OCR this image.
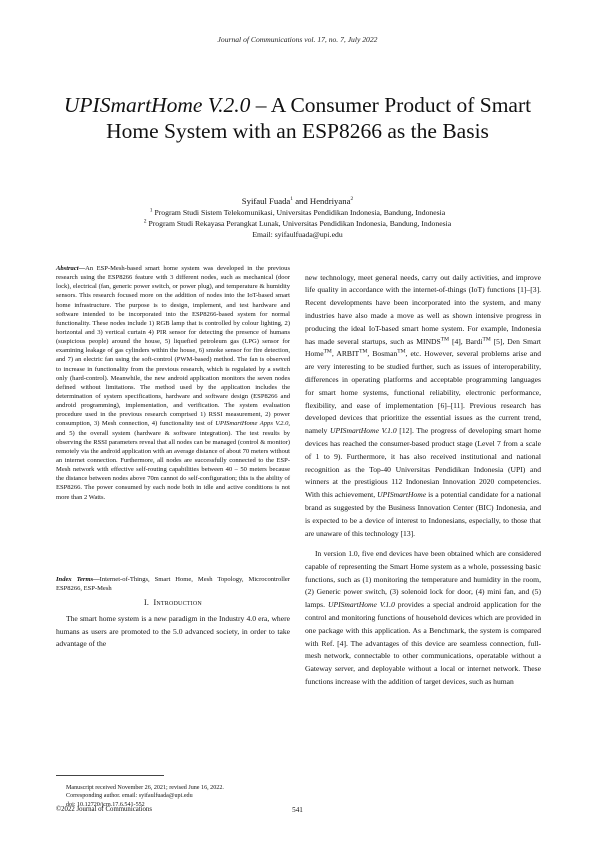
Journal of Communications vol. 17, no. 7, July 2022
UPISmartHome V.2.0 – A Consumer Product of Smart Home System with an ESP8266 as the Basis
Syifaul Fuada$^1$ and Hendriyana$^2$
$^1$ Program Studi Sistem Telekomunikasi, Universitas Pendidikan Indonesia, Bandung, Indonesia
$^2$ Program Studi Rekayasa Perangkat Lunak, Universitas Pendidikan Indonesia, Bandung, Indonesia
Email: syifaulfuada@upi.edu

Abstract—An ESP-Mesh-based smart home system was developed in the previous research using the ESP8266 feature with 3 different nodes, such as mechanical (door lock), electrical (fan, generic power switch, or power plug), and temperature & humidity sensors. This research focused more on the addition of nodes into the IoT-based smart home infrastructure. The purpose is to design, implement, and test hardware and software intended to be incorporated into the ESP8266-based system for normal functionality. These nodes include 1) RGB lamp that is controlled by colour lighting, 2) horizontal and 3) vertical curtain 4) PIR sensor for detecting the presence of humans (suspicious people) around the house, 5) liquefied petroleum gas (LPG) sensor for examining leakage of gas cylinders within the house, 6) smoke sensor for fire detection, and 7) an electric fan using the soft-control (PWM-based) method. The fan is observed to increase in functionality from the previous research, which is regulated by a switch only (hard-control). Meanwhile, the new android application monitors the seven nodes defined without limitations. The method used by the application includes the determination of system specifications, hardware and software design (ESP8266 and android programming), implementation, and verification. The system evaluation procedure used in the previous research comprised 1) RSSI measurement, 2) power consumption, 3) Mesh connection, 4) functionality test of UPISmartHome Apps V.2.0, and 5) the overall system (hardware & software integration). The test results by observing the RSSI parameters reveal that all nodes can be managed (control & monitor) remotely via the android application with an average distance of about 70 meters without an internet connection. Furthermore, all nodes are successfully connected to the ESP-Mesh network with effective self-routing capabilities between 40 – 50 meters because the distance between nodes above 70m cannot do self-configuration; this is the ability of ESP8266. The power consumed by each node both in idle and active conditions is not more than 2 Watts.

Index Terms—Internet-of-Things, Smart Home, Mesh Topology, Microcontroller ESP8266, ESP-Mesh
I. Introduction
The smart home system is a new paradigm in the Industry 4.0 era, where humans as users are promoted to the 5.0 advanced society, in order to take advantage of the
Manuscript received November 26, 2021; revised June 16, 2022.
Corresponding author. email: syifaulfuada@upi.edu
doi: 10.12720/jcm.17.6.541-552

new technology, meet general needs, carry out daily activities, and improve life quality in accordance with the internet-of-things (IoT) functions [1]–[3]. Recent developments have been incorporated into the system, and many industries have also made a move as well as shown intensive progress in producing the ideal IoT-based smart home system. For example, Indonesia has made several startups, such as MINDS™ [4], Bardi™ [5], Den Smart Home™, ARBIT™, Bosman™, etc. However, several problems arise and are very interesting to be studied further, such as issues of interoperability, differences in operating platforms and acceptable programming languages for smart home systems, functional reliability, electronic performance, flexibility, and ease of implementation [6]–[11]. Previous research has developed devices that prioritize the essential issues as the current trend, namely UPISmartHome V.1.0 [12]. The progress of developing smart home devices has reached the consumer-based product stage (Level 7 from a scale of 1 to 9). Furthermore, it has also received institutional and national recognition as the Top-40 Universitas Pendidikan Indonesia (UPI) and winners at the prestigious 112 Indonesian Innovation 2020 competencies. With this achievement, UPISmartHome is a potential candidate for a national brand as suggested by the Business Innovation Center (BIC) Indonesia, and is expected to be a device of interest to Indonesians, especially, to those that are unaware of this technology [13].

In version 1.0, five end devices have been obtained which are considered capable of representing the Smart Home system as a whole, possessing basic functions, such as (1) monitoring the temperature and humidity in the room, (2) Generic power switch, (3) solenoid lock for door, (4) mini fan, and (5) lamps. UPISmartHome V.1.0 provides a special android application for the control and monitoring functions of household devices which are provided in one package with this application. As a Benchmark, the system is compared with Ref. [4]. The advantages of this device are seamless connection, full-mesh network, connectable to other communications, operatable without a Gateway server, and deployable without a local or internet network. These functions increase with the addition of target devices, such as human

©2022 Journal of Communications	541
